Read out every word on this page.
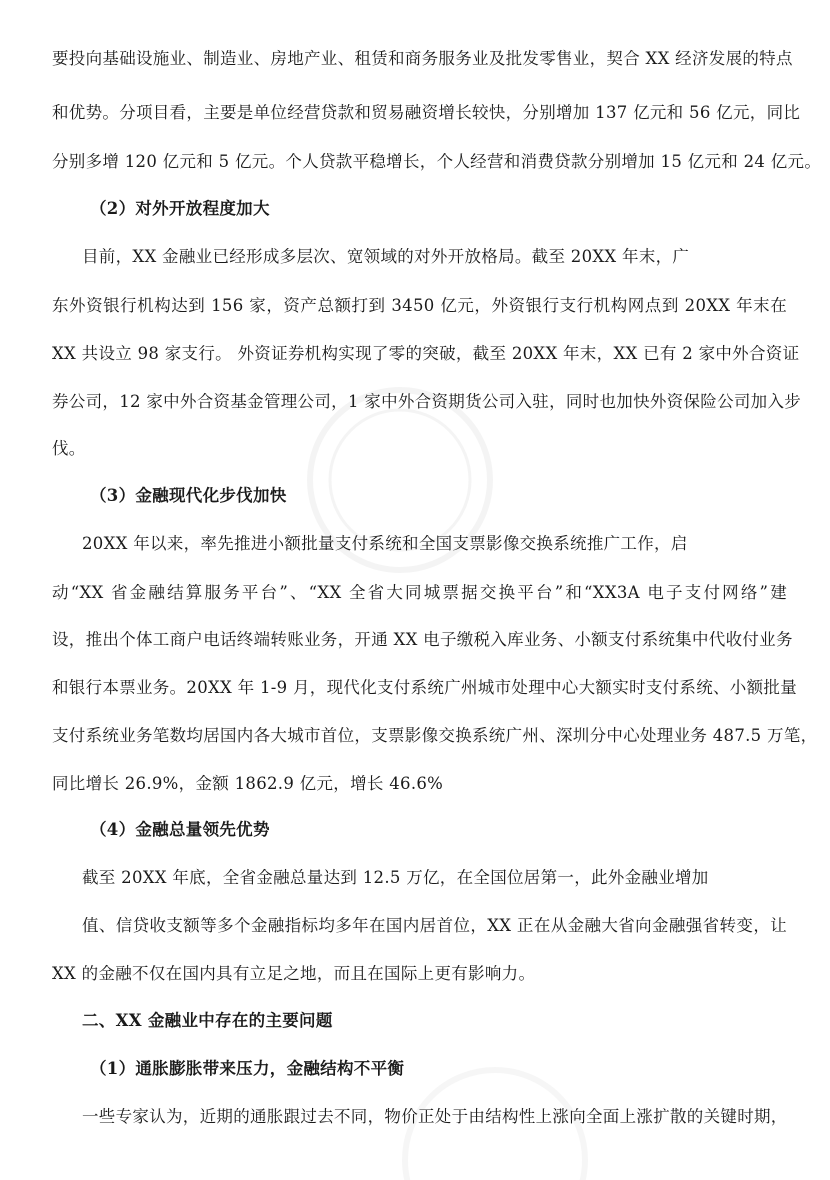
要投向基础设施业、制造业、房地产业、租赁和商务服务业及批发零售业，契合 XX 经济发展的特点
和优势。分项目看，主要是单位经营贷款和贸易融资增长较快，分别增加 137 亿元和 56 亿元，同比
分别多增 120 亿元和 5 亿元。个人贷款平稳增长，个人经营和消费贷款分别增加 15 亿元和 24 亿元。
（2）对外开放程度加大
目前，XX 金融业已经形成多层次、宽领域的对外开放格局。截至 20XX 年末，广
东外资银行机构达到 156 家，资产总额打到 3450 亿元，外资银行支行机构网点到 20XX 年末在
XX 共设立 98 家支行。 外资证券机构实现了零的突破，截至 20XX 年末，XX 已有 2 家中外合资证
券公司，12 家中外合资基金管理公司，1 家中外合资期货公司入驻，同时也加快外资保险公司加入步
伐。
（3）金融现代化步伐加快
20XX 年以来，率先推进小额批量支付系统和全国支票影像交换系统推广工作，启
动“XX 省金融结算服务平台”、“XX 全省大同城票据交换平台”和“XX3A 电子支付网络”建
设，推出个体工商户电话终端转账业务，开通 XX 电子缴税入库业务、小额支付系统集中代收付业务
和银行本票业务。20XX 年 1-9 月，现代化支付系统广州城市处理中心大额实时支付系统、小额批量
支付系统业务笔数均居国内各大城市首位，支票影像交换系统广州、深圳分中心处理业务 487.5 万笔，
同比增长 26.9%，金额 1862.9 亿元，增长 46.6%
（4）金融总量领先优势
截至 20XX 年底，全省金融总量达到 12.5 万亿，在全国位居第一，此外金融业增加
值、信贷收支额等多个金融指标均多年在国内居首位，XX 正在从金融大省向金融强省转变，让
XX 的金融不仅在国内具有立足之地，而且在国际上更有影响力。
二、XX 金融业中存在的主要问题
（1）通胀膨胀带来压力，金融结构不平衡
一些专家认为，近期的通胀跟过去不同，物价正处于由结构性上涨向全面上涨扩散的关键时期，
